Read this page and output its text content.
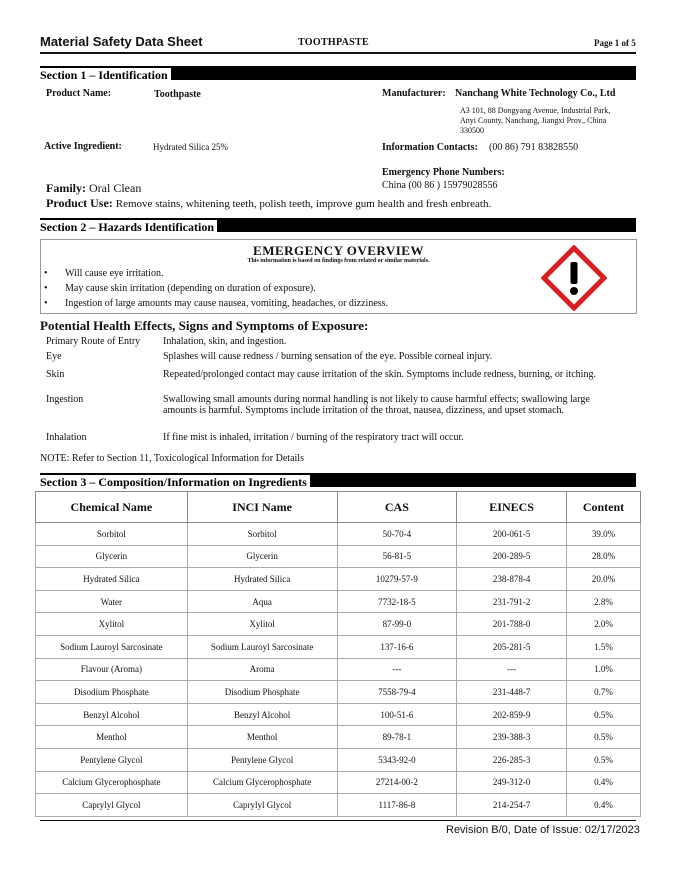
Material Safety Data Sheet	TOOTHPASTE	Page 1 of 5
Section 1 – Identification
Product Name:	Toothpaste	Manufacturer: Nanchang White Technology Co., Ltd
A3 101, 88 Dongyang Avenue, Industrial Park,
Anyi County, Nanchang, Jiangxi Prov., China
330500
Active Ingredient:	Hydrated Silica 25%	Information Contacts: (00 86) 791 83828550
Emergency Phone Numbers:
China (00 86 ) 15979028556
Family: Oral Clean
Product Use: Remove stains, whitening teeth, polish teeth, improve gum health and fresh enbreath.
Section 2 – Hazards Identification
EMERGENCY OVERVIEW
This information is based on findings from related or similar materials.
• Will cause eye irritation.
• May cause skin irritation (depending on duration of exposure).
• Ingestion of large amounts may cause nausea, vomiting, headaches, or dizziness.
Potential Health Effects, Signs and Symptoms of Exposure:
Primary Route of Entry Inhalation, skin, and ingestion.
Eye	Splashes will cause redness / burning sensation of the eye. Possible corneal injury.
Skin	Repeated/prolonged contact may cause irritation of the skin. Symptoms include redness, burning, or itching.
Ingestion	Swallowing small amounts during normal handling is not likely to cause harmful effects; swallowing large amounts is harmful. Symptoms include irritation of the throat, nausea, dizziness, and upset stomach.
Inhalation	If fine mist is inhaled, irritation / burning of the respiratory tract will occur.
NOTE: Refer to Section 11, Toxicological Information for Details
Section 3 – Composition/Information on Ingredients
Chemical Name	INCI Name	CAS	EINECS	Content
Sorbitol	Sorbitol	50-70-4	200-061-5	39.0%
Glycerin	Glycerin	56-81-5	200-289-5	28.0%
Hydrated Silica	Hydrated Silica	10279-57-9	238-878-4	20.0%
Water	Aqua	7732-18-5	231-791-2	2.8%
Xylitol	Xylitol	87-99-0	201-788-0	2.0%
Sodium Lauroyl Sarcosinate	Sodium Lauroyl Sarcosinate	137-16-6	205-281-5	1.5%
Flavour (Aroma)	Aroma	---	---	1.0%
Disodium Phosphate	Disodium Phosphate	7558-79-4	231-448-7	0.7%
Benzyl Alcohol	Benzyl Alcohol	100-51-6	202-859-9	0.5%
Menthol	Menthol	89-78-1	239-388-3	0.5%
Pentylene Glycol	Pentylene Glycol	5343-92-0	226-285-3	0.5%
Calcium Glycerophosphate	Calcium Glycerophosphate	27214-00-2	249-312-0	0.4%
Caprylyl Glycol	Caprylyl Glycol	1117-86-8	214-254-7	0.4%
Revision B/0, Date of Issue: 02/17/2023
